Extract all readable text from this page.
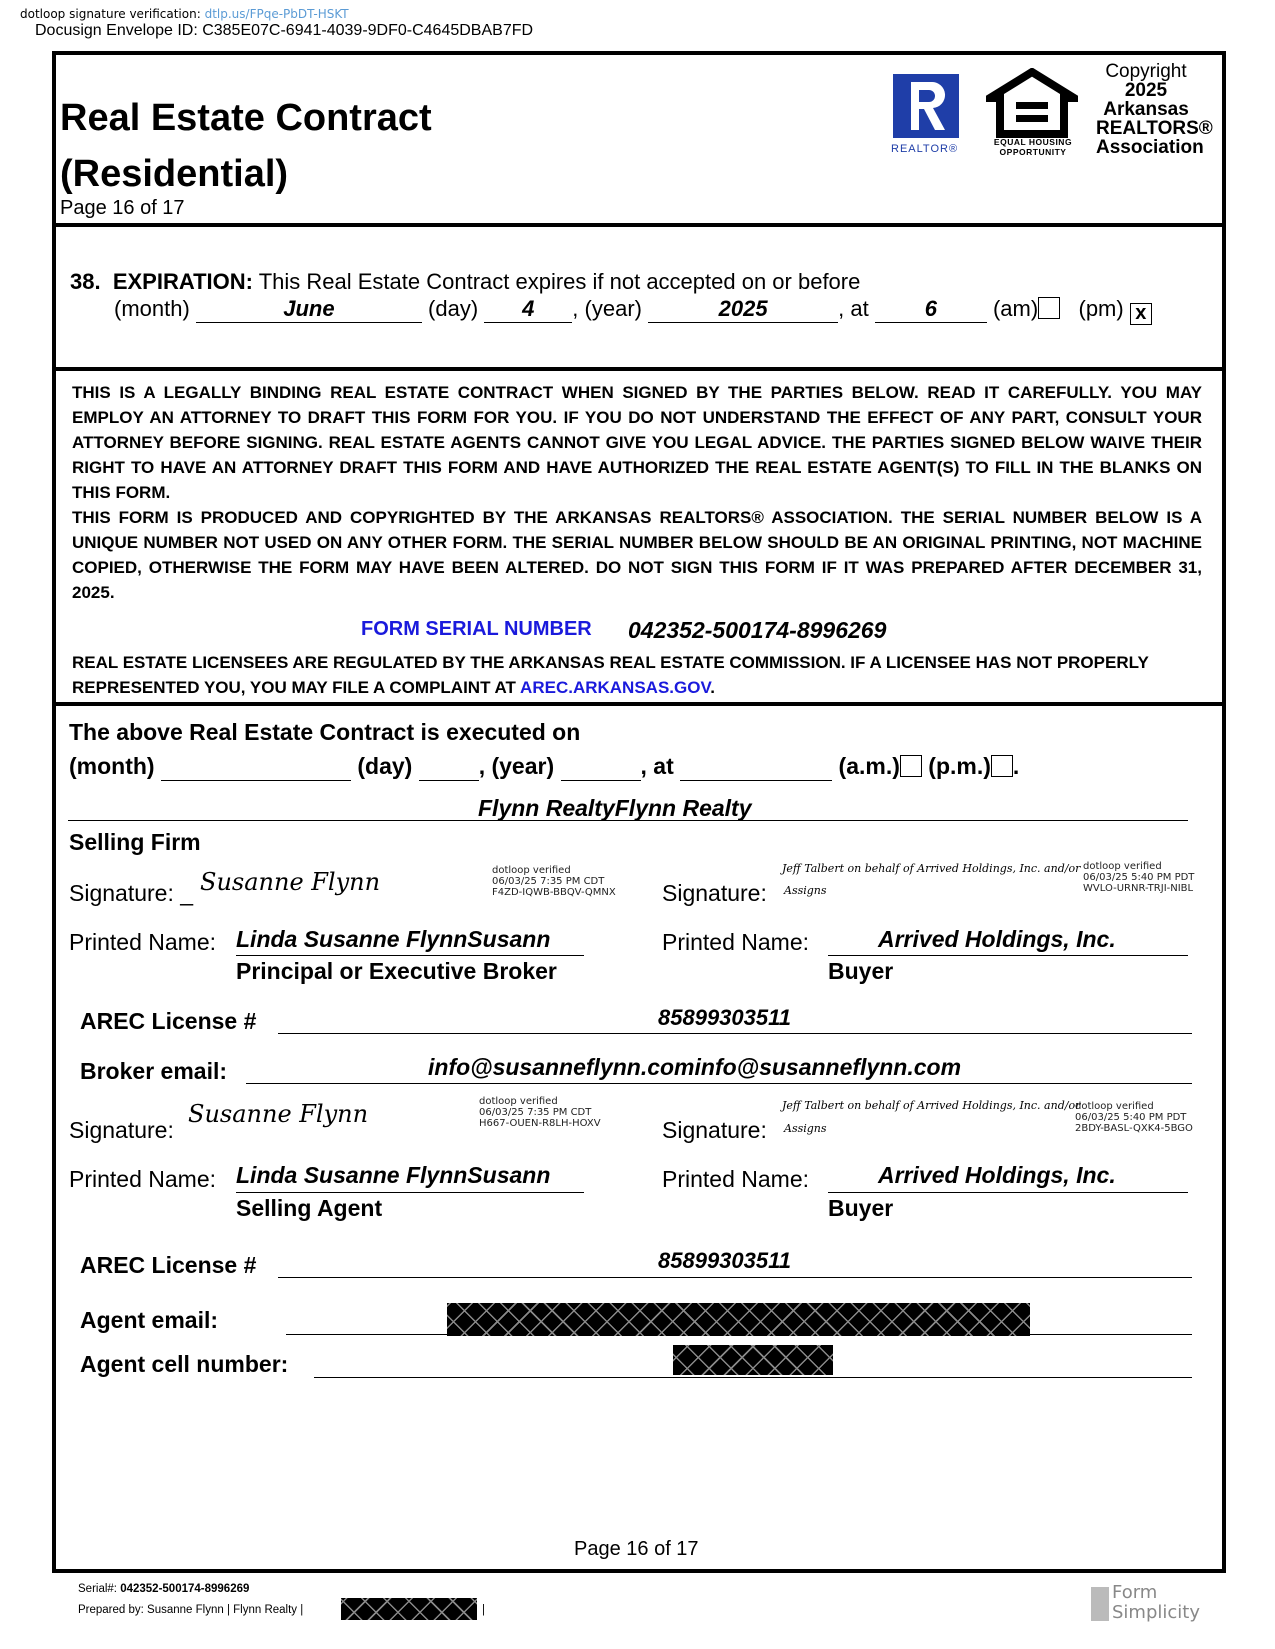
dotloop signature verification: dtlp.us/FPqe-PbDT-HSKT
Docusign Envelope ID: C385E07C-6941-4039-9DF0-C4645DBAB7FD
Real Estate Contract
(Residential)
Page 16 of 17
REALTOR®
EQUAL HOUSING
OPPORTUNITY
Copyright
2025
Arkansas
REALTORS®
Association
38. EXPIRATION: This Real Estate Contract expires if not accepted on or before
(month)	June	(day) 4 , (year)	2025	, at	6	(am) (pm) x

THIS IS A LEGALLY BINDING REAL ESTATE CONTRACT WHEN SIGNED BY THE PARTIES BELOW. READ IT CAREFULLY. YOU MAY EMPLOY AN ATTORNEY TO DRAFT THIS FORM FOR YOU. IF YOU DO NOT UNDERSTAND THE EFFECT OF ANY PART, CONSULT YOUR ATTORNEY BEFORE SIGNING. REAL ESTATE AGENTS CANNOT GIVE YOU LEGAL ADVICE. THE PARTIES SIGNED BELOW WAIVE THEIR RIGHT TO HAVE AN ATTORNEY DRAFT THIS FORM AND HAVE AUTHORIZED THE REAL ESTATE AGENT(S) TO FILL IN THE BLANKS ON THIS FORM.

THIS FORM IS PRODUCED AND COPYRIGHTED BY THE ARKANSAS REALTORS® ASSOCIATION. THE SERIAL NUMBER BELOW IS A UNIQUE NUMBER NOT USED ON ANY OTHER FORM. THE SERIAL NUMBER BELOW SHOULD BE AN ORIGINAL PRINTING, NOT MACHINE COPIED, OTHERWISE THE FORM MAY HAVE BEEN ALTERED. DO NOT SIGN THIS FORM IF IT WAS PREPARED AFTER DECEMBER 31, 2025.

FORM SERIAL NUMBER 042352-500174-8996269
REAL ESTATE LICENSEES ARE REGULATED BY THE ARKANSAS REAL ESTATE COMMISSION. IF A LICENSEE HAS NOT PROPERLY REPRESENTED YOU, YOU MAY FILE A COMPLAINT AT AREC.ARKANSAS.GOV.
The above Real Estate Contract is executed on
(month)	(day)	, (year)	, at	(a.m.) (p.m.) .
Flynn RealtyFlynn Realty
Selling Firm
Signature: _ Susanne Flynn	dotloop verified
06/03/25 7:35 PM CDT
F4ZD-IQWB-BBQV-QMNX Signature:
Jeff Talbert on behalf of Arrived Holdings, Inc. and/or
Assigns
dotloop verified
06/03/25 5:40 PM PDT
WVLO-URNR-TRJI-NIBL
Printed Name: Linda Susanne FlynnSusann
Principal or Executive Broker
Printed Name:	Arrived Holdings, Inc.
Buyer
AREC License #	85899303511
Broker email:	info@susanneflynn.cominfo@susanneflynn.com
Signature:
Susanne Flynn	dotloop verified
06/03/25 7:35 PM CDT
H667-OUEN-R8LH-HOXV	Signature:
Jeff Talbert on behalf of Arrived Holdings, Inc. and/or
Assigns
dotloop verified
06/03/25 5:40 PM PDT
2BDY-BASL-QXK4-5BGO
Printed Name: Linda Susanne FlynnSusann
Selling Agent
Printed Name:	Arrived Holdings, Inc.
Buyer
AREC License #	85899303511
Agent email:
Agent cell number:
Page 16 of 17
Serial#: 042352-500174-8996269
Prepared by: Susanne Flynn | Flynn Realty |	|
Form
Simplicity
